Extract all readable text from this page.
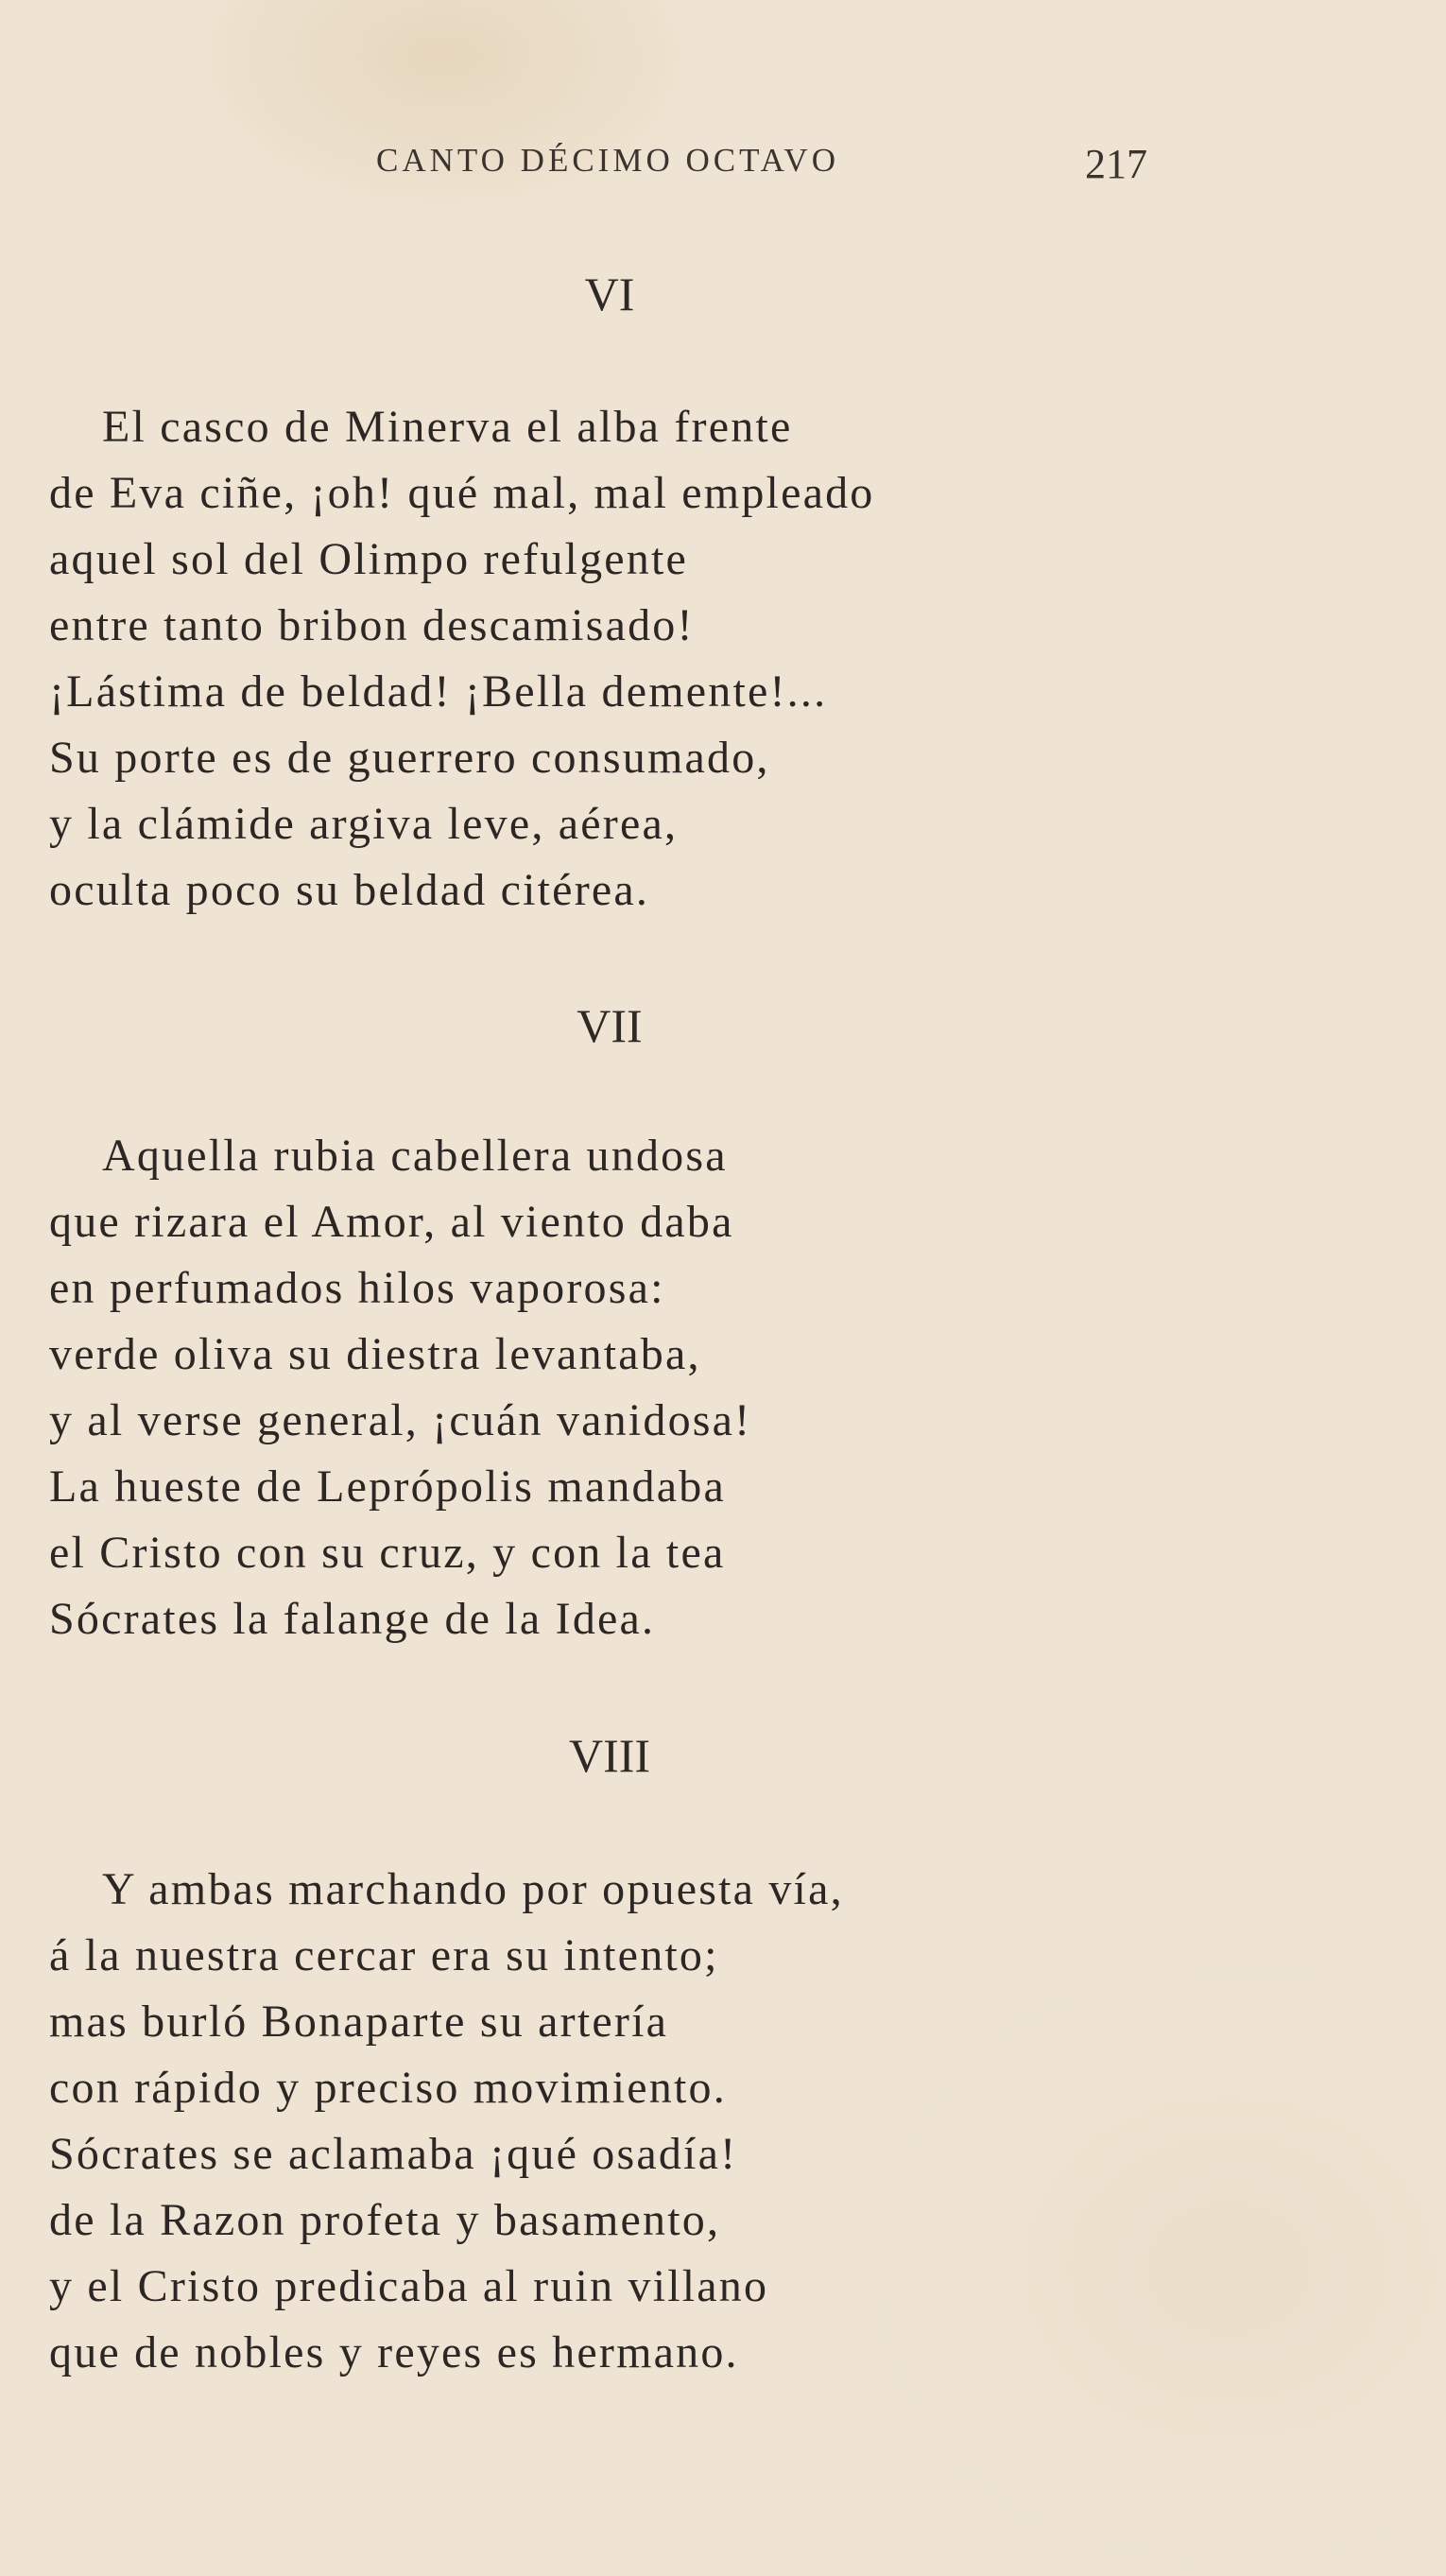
CANTO DÉCIMO OCTAVO	217
VI
El casco de Minerva el alba frente
de Eva ciñe, ¡oh! qué mal, mal empleado
aquel sol del Olimpo refulgente
entre tanto bribon descamisado!
¡Lástima de beldad! ¡Bella demente!...
Su porte es de guerrero consumado,
y la clámide argiva leve, aérea,
oculta poco su beldad citérea.
VII
Aquella rubia cabellera undosa
que rizara el Amor, al viento daba
en perfumados hilos vaporosa:
verde oliva su diestra levantaba,
y al verse general, ¡cuán vanidosa!
La hueste de Leprópolis mandaba
el Cristo con su cruz, y con la tea
Sócrates la falange de la Idea.
VIII
Y ambas marchando por opuesta vía,
á la nuestra cercar era su intento;
mas burló Bonaparte su artería
con rápido y preciso movimiento.
Sócrates se aclamaba ¡qué osadía!
de la Razon profeta y basamento,
y el Cristo predicaba al ruin villano
que de nobles y reyes es hermano.
